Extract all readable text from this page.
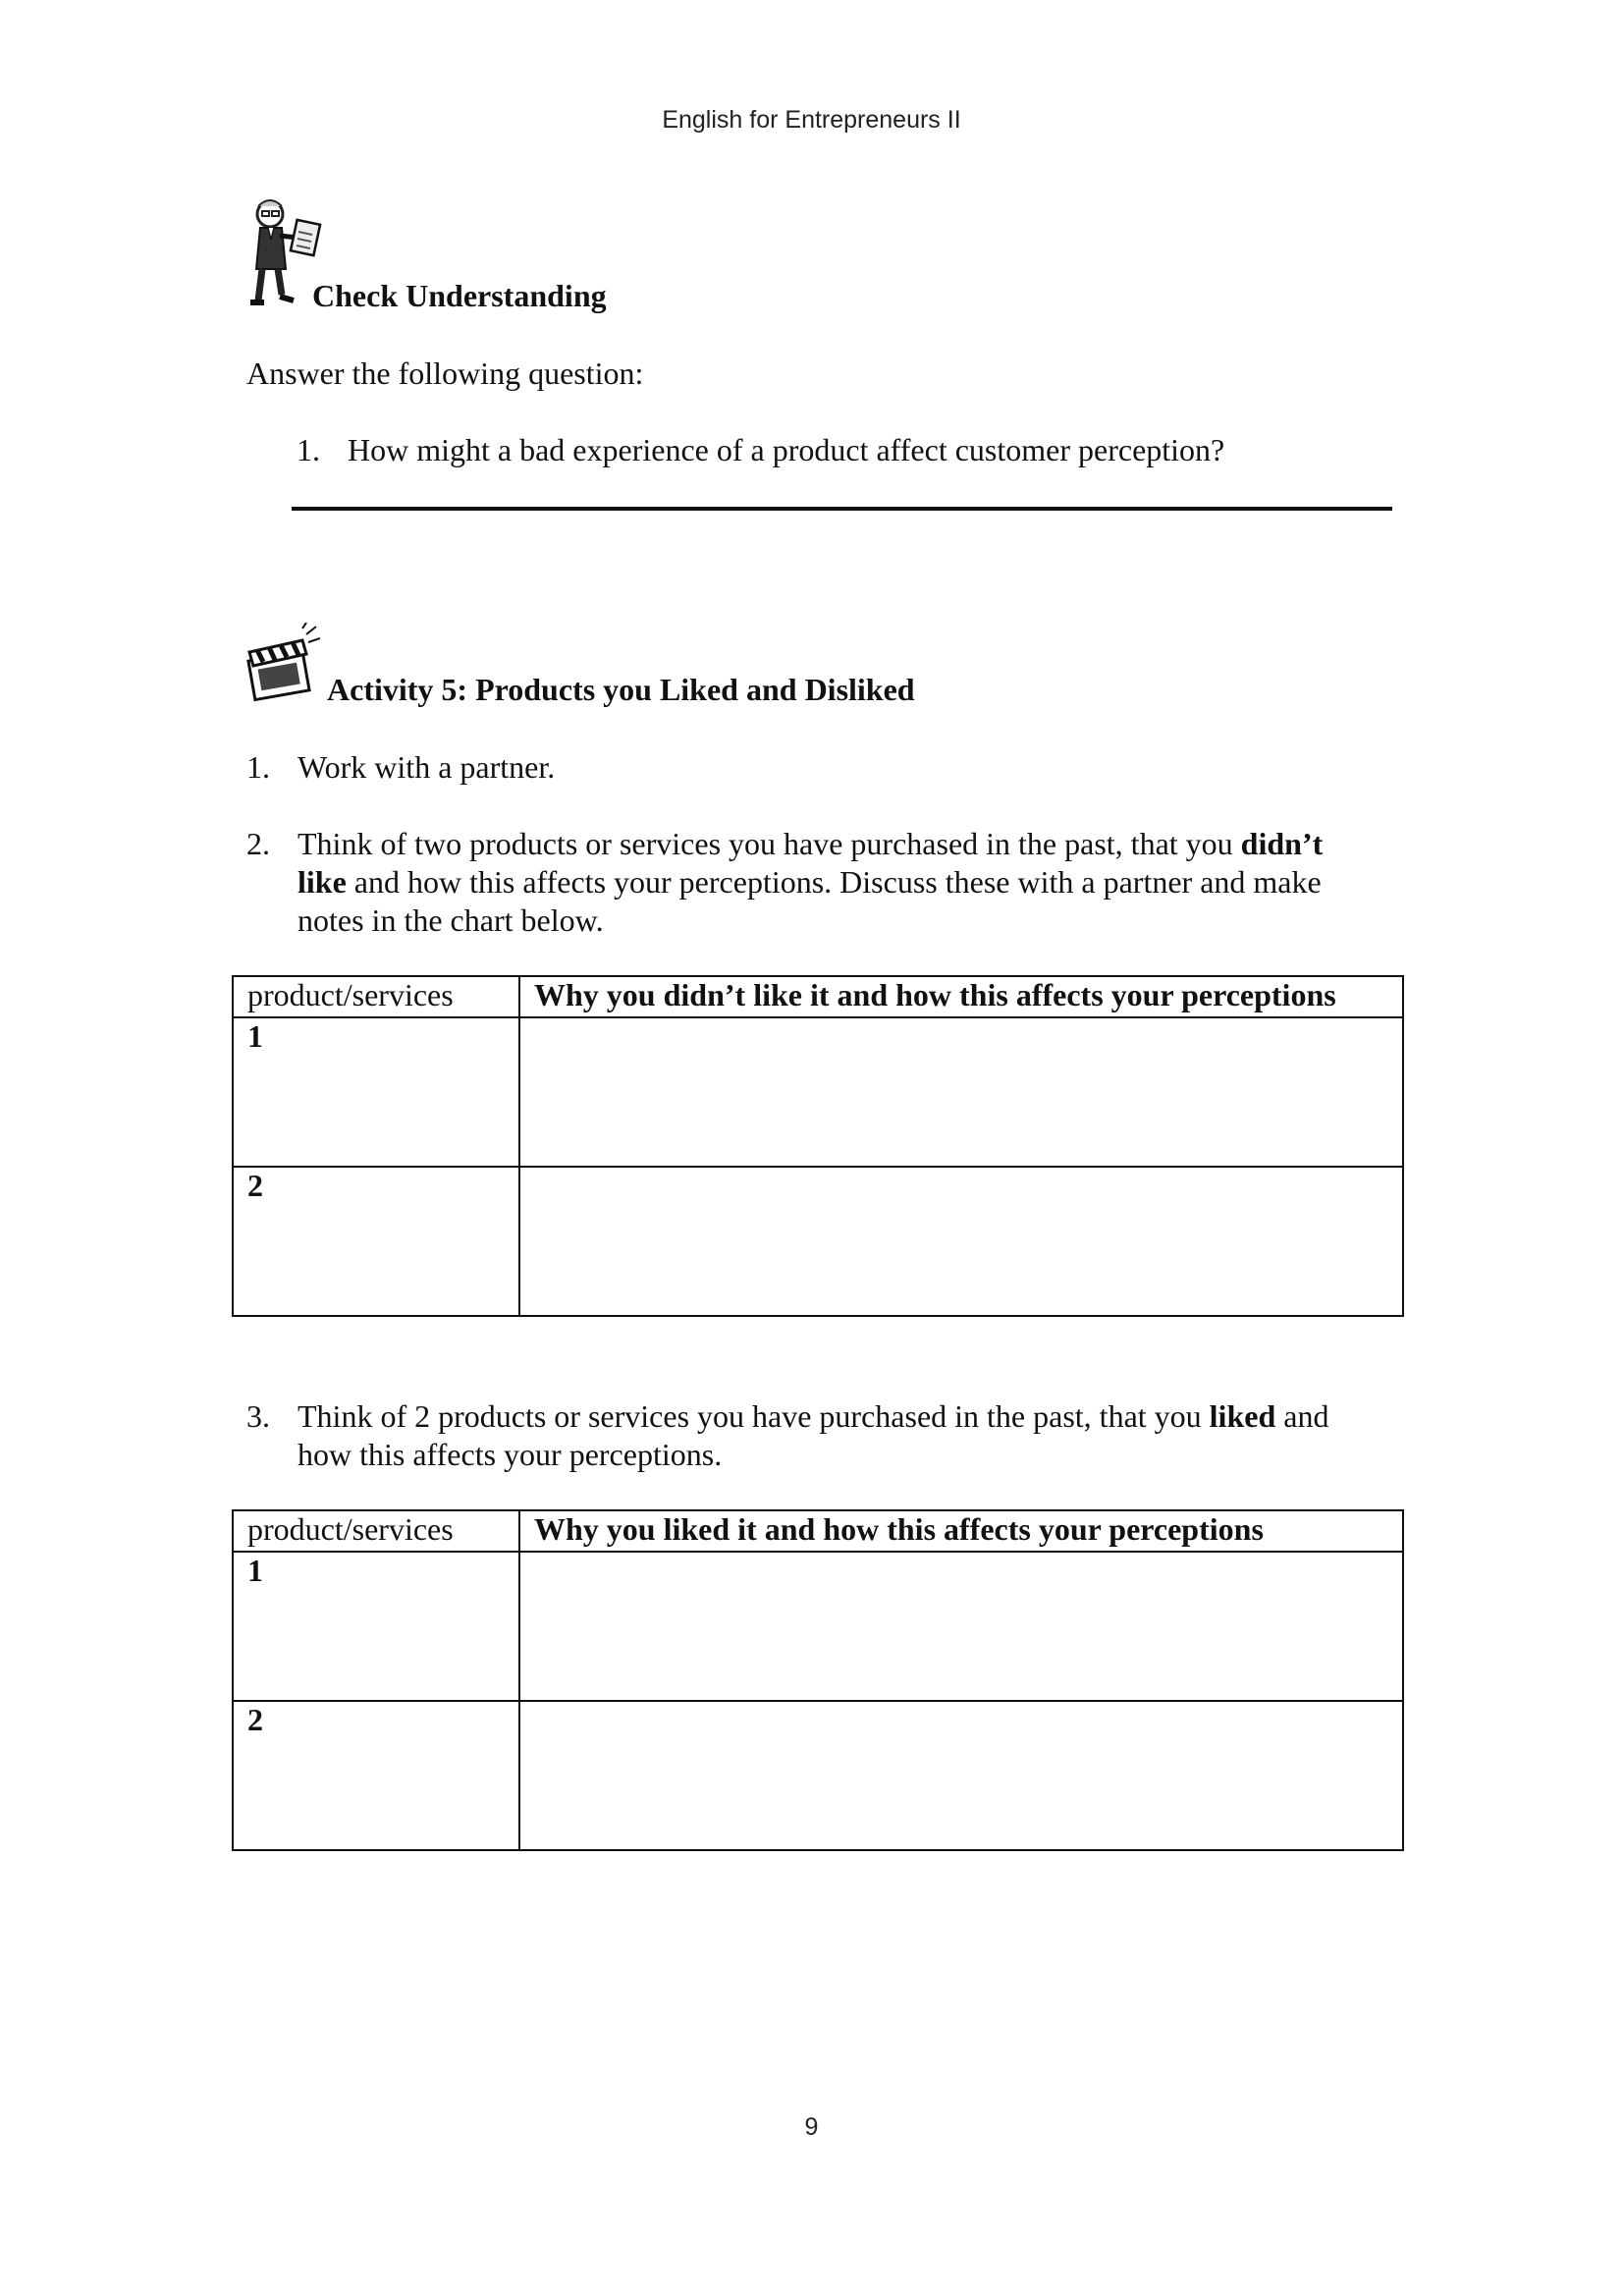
English for Entrepreneurs II
Check Understanding
Answer the following question:
1. How might a bad experience of a product affect customer perception?
Activity 5: Products you Liked and Disliked
1. Work with a partner.
2. Think of two products or services you have purchased in the past, that you didn’t
like and how this affects your perceptions. Discuss these with a partner and make
notes in the chart below.
product/services	Why you didn’t like it and how this affects your perceptions
1	
2	
3. Think of 2 products or services you have purchased in the past, that you liked and
how this affects your perceptions.
product/services	Why you liked it and how this affects your perceptions
1	
2	
9
